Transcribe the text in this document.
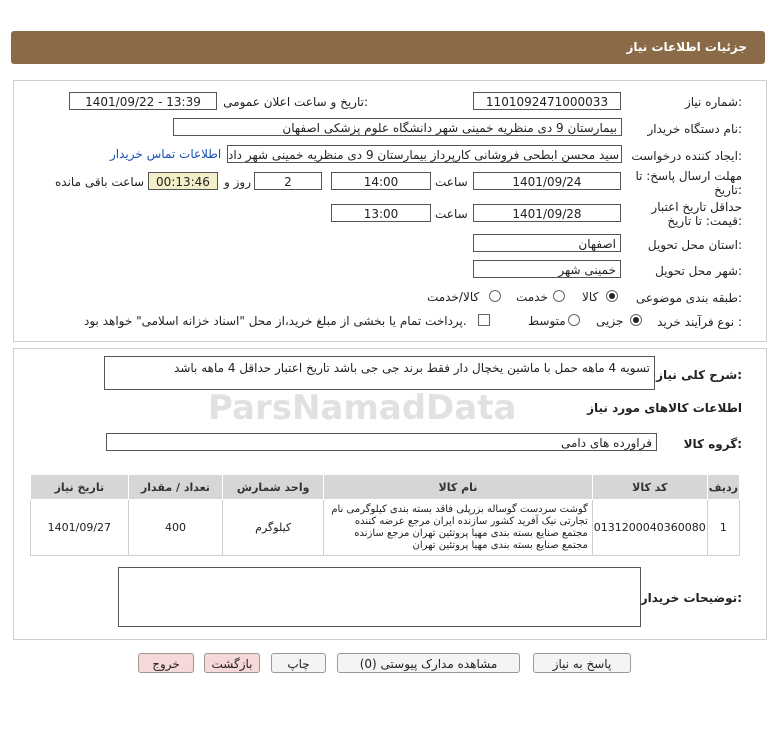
جزئیات اطلاعات نیاز
شماره نیاز:
1101092471000033
تاریخ و ساعت اعلان عمومی:
1401/09/22 - 13:39
نام دستگاه خریدار:
بیمارستان 9 دی منظریه خمینی شهر دانشگاه علوم پزشکی اصفهان
ایجاد کننده درخواست:
سید محسن ابطحی فروشانی کارپرداز بیمارستان 9 دی منظریه خمینی شهر داد
اطلاعات تماس خریدار
مهلت ارسال پاسخ: تا
تاریخ:
1401/09/24
ساعت
14:00
2
روز و
00:13:46
ساعت باقی مانده
حداقل تاریخ اعتبار
قیمت: تا تاریخ:
1401/09/28
ساعت
13:00
استان محل تحویل:
اصفهان
شهر محل تحویل:
خمینی شهر
طبقه بندی موضوعی:
کالا
خدمت
کالا/خدمت
نوع فرآیند خرید :
جزیی
متوسط
پرداخت تمام یا بخشی از مبلغ خرید،از محل "اسناد خزانه اسلامی" خواهد بود.
شرح کلی نیاز:
تسویه 4 ماهه حمل با ماشین یخچال دار فقط برند جی جی باشد تاریخ اعتبار حداقل 4 ماهه باشد
اطلاعات کالاهای مورد نیاز
گروه کالا:
فراورده های دامی
ردیف	کد کالا	نام کالا	واحد شمارش	تعداد / مقدار	تاریخ نیاز
1	0131200040360080	گوشت سردست گوساله بزرپلی فاقد بسته بندی کیلوگرمی نام تجارتی نیک آفرید کشور سازنده ایران مرجع عرضه کننده مجتمع صنایع بسته بندی مهیا پروتئین تهران مرجع سازنده مجتمع صنایع بسته بندی مهیا پروتئین تهران	کیلوگرم	400	1401/09/27
توضیحات خریدار:
پاسخ به نیاز
مشاهده مدارک پیوستی (0)
چاپ
بازگشت
خروج
ParsNamadData
